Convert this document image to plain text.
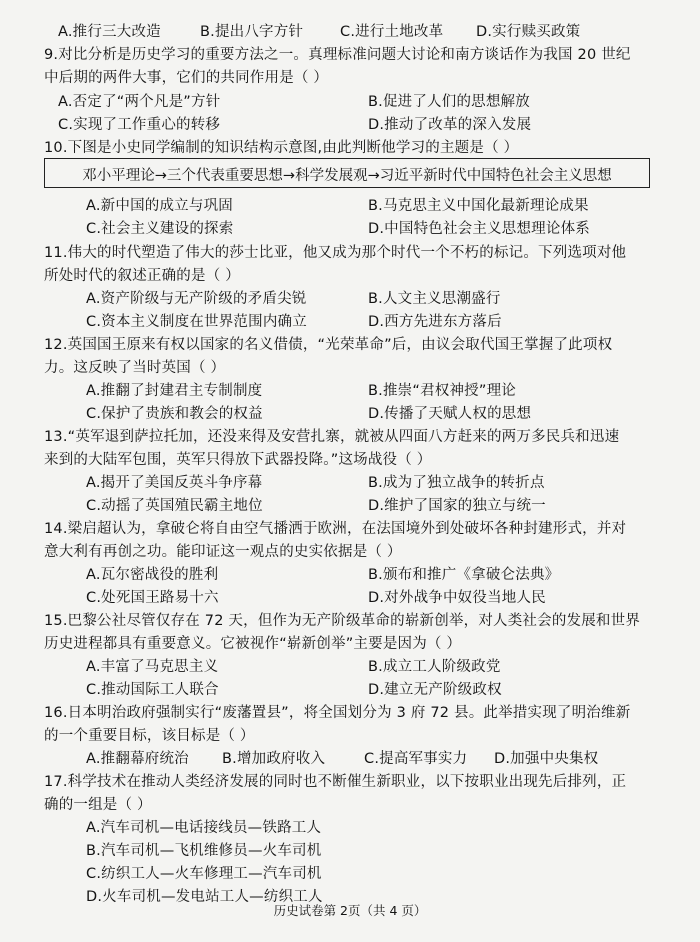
A.推行三大改造	B.提出八字方针	C.进行土地改革 D.实行赎买政策
9.对比分析是历史学习的重要方法之一。真理标准问题大讨论和南方谈话作为我国 20 世纪
中后期的两件大事，它们的共同作用是（ ）
A.否定了“两个凡是”方针	B.促进了人们的思想解放
C.实现了工作重心的转移	D.推动了改革的深入发展
10.下图是小史同学编制的知识结构示意图,由此判断他学习的主题是（ ）
邓小平理论→三个代表重要思想→科学发展观→习近平新时代中国特色社会主义思想
A.新中国的成立与巩固	B.马克思主义中国化最新理论成果
C.社会主义建设的探索	D.中国特色社会主义思想理论体系
11.伟大的时代塑造了伟大的莎士比亚，他又成为那个时代一个不朽的标记。下列选项对他
所处时代的叙述正确的是（ ）
A.资产阶级与无产阶级的矛盾尖锐	B.人文主义思潮盛行
C.资本主义制度在世界范围内确立	D.西方先进东方落后
12.英国国王原来有权以国家的名义借债，“光荣革命”后，由议会取代国王掌握了此项权
力。这反映了当时英国（ ）
A.推翻了封建君主专制制度	B.推崇“君权神授”理论
C.保护了贵族和教会的权益	D.传播了天赋人权的思想
13.“英军退到萨拉托加，还没来得及安营扎寨，就被从四面八方赶来的两万多民兵和迅速
来到的大陆军包围，英军只得放下武器投降。”这场战役（ ）
A.揭开了美国反英斗争序幕	B.成为了独立战争的转折点
C.动摇了英国殖民霸主地位	D.维护了国家的独立与统一
14.梁启超认为，拿破仑将自由空气播洒于欧洲，在法国境外到处破坏各种封建形式，并对
意大利有再创之功。能印证这一观点的史实依据是（ ）
A.瓦尔密战役的胜利	B.颁布和推广《拿破仑法典》
C.处死国王路易十六	D.对外战争中奴役当地人民
15.巴黎公社尽管仅存在 72 天，但作为无产阶级革命的崭新创举，对人类社会的发展和世界
历史进程都具有重要意义。它被视作“崭新创举”主要是因为（ ）
A.丰富了马克思主义	B.成立工人阶级政党
C.推动国际工人联合	D.建立无产阶级政权
16.日本明治政府强制实行“废藩置县”，将全国划分为 3 府 72 县。此举措实现了明治维新
的一个重要目标，该目标是（ ）
A.推翻幕府统治 B.增加政府收入	C.提高军事实力 D.加强中央集权
17.科学技术在推动人类经济发展的同时也不断催生新职业，以下按职业出现先后排列，正
确的一组是（ ）
A.汽车司机—电话接线员—铁路工人
B.汽车司机—飞机维修员—火车司机
C.纺织工人—火车修理工—汽车司机
D.火车司机—发电站工人—纺织工人
历史试卷第 2页（共 4 页）
